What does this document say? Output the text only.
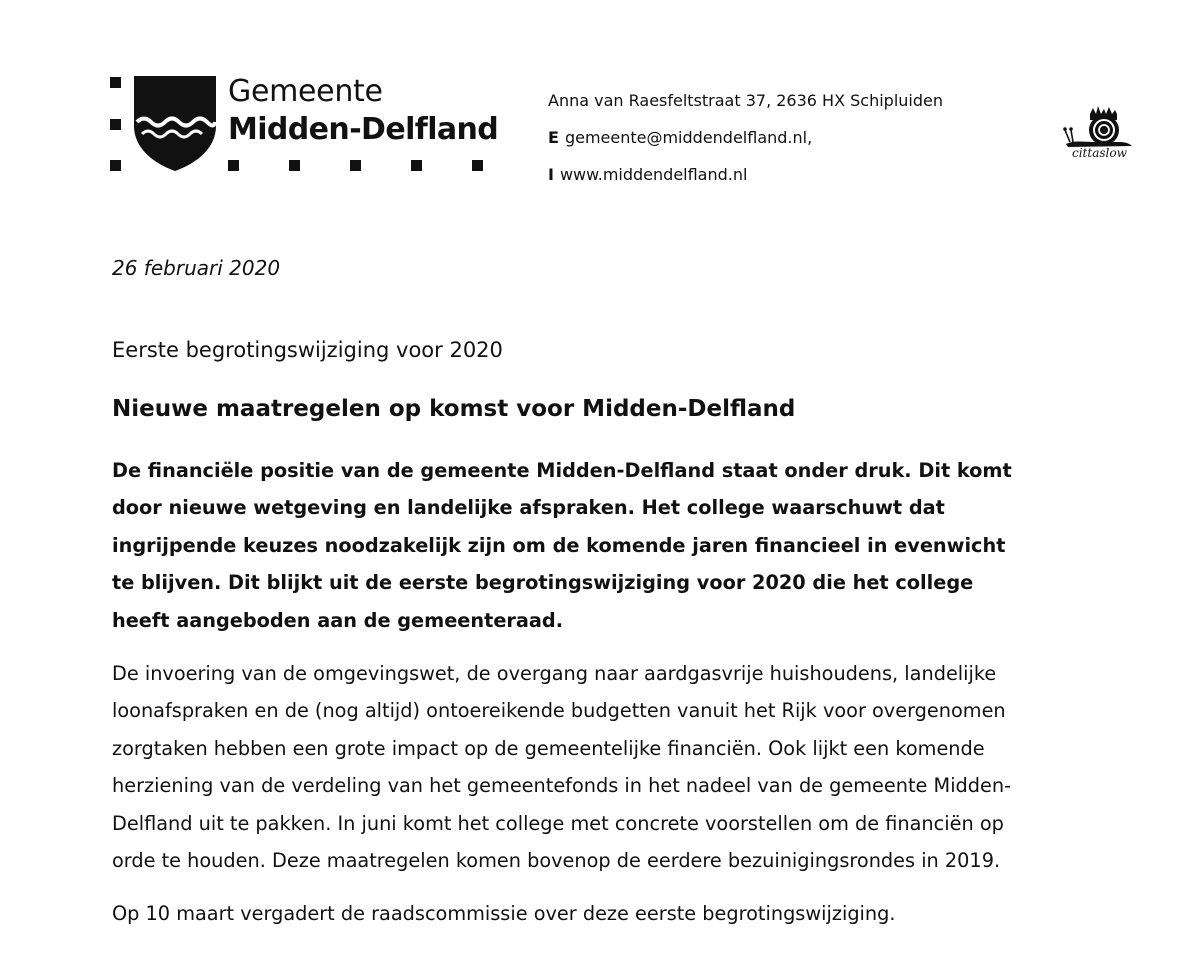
Gemeente

Midden-Delfland

Anna van Raesfeltstraat 37, 2636 HX Schipluiden
E gemeente@middendelfland.nl,
I www.middendelfland.nl
cittaslow

26 februari 2020

Eerste begrotingswijziging voor 2020
Nieuwe maatregelen op komst voor Midden-Delfland

De financiële positie van de gemeente Midden-Delfland staat onder druk. Dit komt
door nieuwe wetgeving en landelijke afspraken. Het college waarschuwt dat
ingrijpende keuzes noodzakelijk zijn om de komende jaren financieel in evenwicht
te blijven. Dit blijkt uit de eerste begrotingswijziging voor 2020 die het college
heeft aangeboden aan de gemeenteraad.

De invoering van de omgevingswet, de overgang naar aardgasvrije huishoudens, landelijke
loonafspraken en de (nog altijd) ontoereikende budgetten vanuit het Rijk voor overgenomen
zorgtaken hebben een grote impact op de gemeentelijke financiën. Ook lijkt een komende
herziening van de verdeling van het gemeentefonds in het nadeel van de gemeente Midden-
Delfland uit te pakken. In juni komt het college met concrete voorstellen om de financiën op
orde te houden. Deze maatregelen komen bovenop de eerdere bezuinigingsrondes in 2019.

Op 10 maart vergadert de raadscommissie over deze eerste begrotingswijziging.
